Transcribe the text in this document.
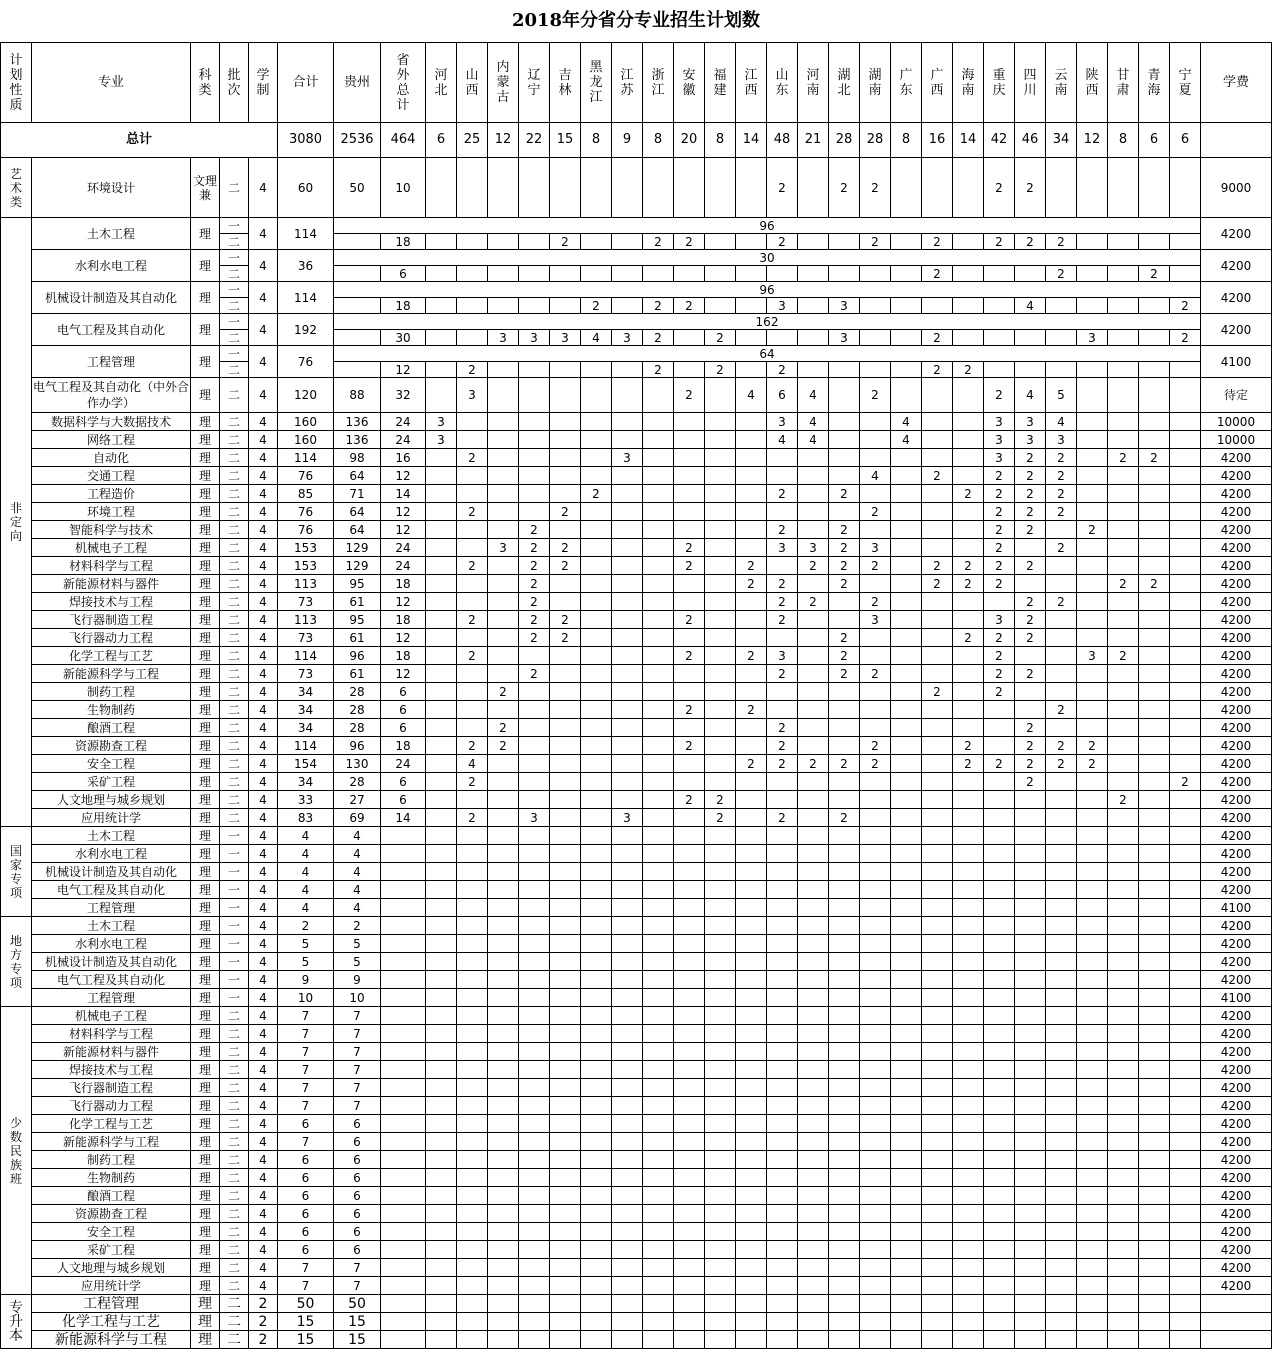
2018年分省分专业招生计划数
计
划
性
质	专业	科
类	批
次	学
制	合计	贵州	省
外
总
计	河
北	山
西	内
蒙
古	辽
宁	吉
林	黑
龙
江	江
苏	浙
江	安
徽	福
建	江
西	山
东	河
南	湖
北	湖
南	广
东	广
西	海
南	重
庆	四
川	云
南	陕
西	甘
肃	青
海	宁
夏	学费
总计					3080	2536	464	6	25	12	22	15	8	9	8	20	8	14	48	21	28	28	8	16	14	42	46	34	12	8	6	6	
艺
术
类	环境设计	文理兼	二	4	60	50	10												2		2	2				2	2						9000
非
定
向	土木工程	理	一	4	114	96																											4200
			二				18					2			2	2			2			2		2		2	2	2					
	水利水电工程	理	一	4	36	30																											4200
			二				6																	2				2			2		
	机械设计制造及其自动化	理	一	4	114	96																											4200
			二				18						2		2	2			3		3						4					2	
	电气工程及其自动化	理	一	4	192	162																											4200
			二				30			3	3	3	4	3	2		2				3			2					3			2	
	工程管理	理	一	4	76	64																											4100
			二				12		2						2		2		2					2	2								
	电气工程及其自动化（中外合作办学）	理	二	4	120	88	32		3							2		4	6	4		2				2	4	5					待定
	数据科学与大数据技术	理	二	4	160	136	24	3											3	4			4			3	3	4					10000
	网络工程	理	二	4	160	136	24	3											4	4			4			3	3	3					10000
	自动化	理	二	4	114	98	16		2					3												3	2	2		2	2		4200
	交通工程	理	二	4	76	64	12															4		2		2	2	2					4200
	工程造价	理	二	4	85	71	14						2						2		2				2	2	2	2					4200
	环境工程	理	二	4	76	64	12		2			2										2				2	2	2					4200
	智能科学与技术	理	二	4	76	64	12				2								2		2					2	2		2				4200
	机械电子工程	理	二	4	153	129	24			3	2	2				2			3	3	2	3				2		2					4200
	材料科学与工程	理	二	4	153	129	24		2		2	2				2		2		2	2	2		2	2	2	2						4200
	新能源材料与器件	理	二	4	113	95	18				2							2	2		2			2	2	2				2	2		4200
	焊接技术与工程	理	二	4	73	61	12				2								2	2		2					2	2					4200
	飞行器制造工程	理	二	4	113	95	18		2		2	2				2			2			3				3	2						4200
	飞行器动力工程	理	二	4	73	61	12				2	2									2				2	2	2						4200
	化学工程与工艺	理	二	4	114	96	18		2							2		2	3		2					2			3	2			4200
	新能源科学与工程	理	二	4	73	61	12				2								2		2	2				2	2						4200
	制药工程	理	二	4	34	28	6			2														2		2							4200
	生物制药	理	二	4	34	28	6									2		2										2					4200
	酿酒工程	理	二	4	34	28	6			2									2								2						4200
	资源勘查工程	理	二	4	114	96	18		2	2						2			2			2			2		2	2	2				4200
	安全工程	理	二	4	154	130	24		4									2	2	2	2	2			2	2	2	2	2				4200
	采矿工程	理	二	4	34	28	6		2																		2					2	4200
	人文地理与城乡规划	理	二	4	33	27	6									2	2													2			4200
	应用统计学	理	二	4	83	69	14		2		3			3			2		2		2												4200
国
家
专
项	土木工程	理	一	4	4	4																											4200
	水利水电工程	理	一	4	4	4																											4200
	机械设计制造及其自动化	理	一	4	4	4																											4200
	电气工程及其自动化	理	一	4	4	4																											4200
	工程管理	理	一	4	4	4																											4100
地
方
专
项	土木工程	理	一	4	2	2																											4200
	水利水电工程	理	一	4	5	5																											4200
	机械设计制造及其自动化	理	一	4	5	5																											4200
	电气工程及其自动化	理	一	4	9	9																											4200
	工程管理	理	一	4	10	10																											4100
少
数
民
族
班	机械电子工程	理	二	4	7	7																											4200
	材料科学与工程	理	二	4	7	7																											4200
	新能源材料与器件	理	二	4	7	7																											4200
	焊接技术与工程	理	二	4	7	7																											4200
	飞行器制造工程	理	二	4	7	7																											4200
	飞行器动力工程	理	二	4	7	7																											4200
	化学工程与工艺	理	二	4	6	6																											4200
	新能源科学与工程	理	二	4	7	6																											4200
	制药工程	理	二	4	6	6																											4200
	生物制药	理	二	4	6	6																											4200
	酿酒工程	理	二	4	6	6																											4200
	资源勘查工程	理	二	4	6	6																											4200
	安全工程	理	二	4	6	6																											4200
	采矿工程	理	二	4	6	6																											4200
	人文地理与城乡规划	理	二	4	7	7																											4200
	应用统计学	理	二	4	7	7																											4200
专
升
本	工程管理	理	二	2	50	50																											
	化学工程与工艺	理	二	2	15	15																											
	新能源科学与工程	理	二	2	15	15																											
